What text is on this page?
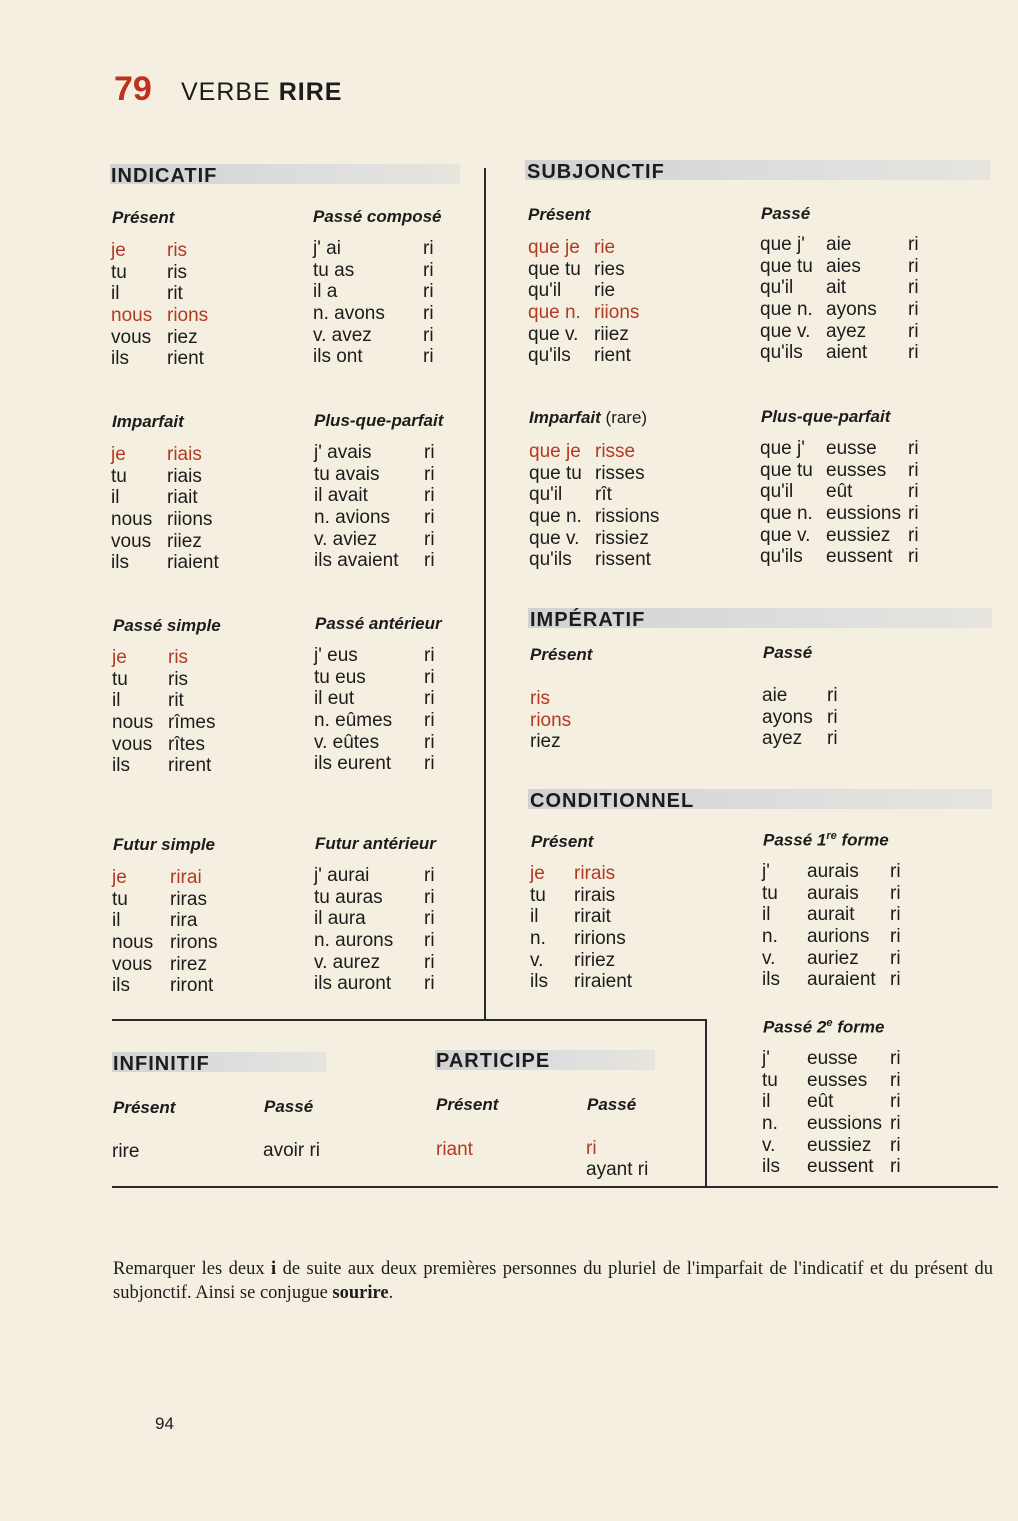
79 VERBE RIRE
INDICATIF	SUBJONCTIF
IMPÉRATIF
CONDITIONNEL
INFINITIF	PARTICIPE
Présent
je ris
tu ris
il	rit
nous rions
vous riez
ils rient
Passé composé
j' ai	ri
tu as	ri
il a	ri
n. avons ri
v. avez	ri
ils ont	ri
Imparfait
je riais
tu riais
il	riait
nous riions
vous riiez
ils riaient
Plus-que-parfait
j' avais	ri
tu avais ri
il avait	ri
n. avions ri
v. aviez ri
ils avaient ri
Passé simple
je ris
tu ris
il	rit
nous rîmes
vous rîtes
ils rirent
Passé antérieur
j' eus	ri
tu eus	ri
il eut	ri
n. eûmes ri
v. eûtes ri
ils eurent ri
Futur simple
je rirai
tu riras
il	rira
nous rirons
vous rirez
ils riront
Futur antérieur
j' aurai	ri
tu auras ri
il aura	ri
n. aurons ri
v. aurez ri
ils auront ri
Présent
que je rie
que tu ries
qu'il rie
que n. riions
que v. riiez
qu'ils rient
Passé
que j' aie	ri
que tu aies ri
qu'il ait	ri
que n. ayons ri
que v. ayez ri
qu'ils aient ri
Imparfait (rare)
que je risse
que tu risses
qu'il rît
que n. rissions
que v. rissiez
qu'ils rissent
Plus-que-parfait
que j' eusse ri
que tu eusses ri
qu'il eût	ri
que n. eussions ri
que v. eussiez ri
qu'ils eussent ri
Présent
ris
rions
riez
Passé
aie ri
ayons ri
ayez ri
Présent
je rirais
tu rirais
il rirait
n. ririons
v. ririez
ils riraient
Passé 1re forme
j' aurais ri
tu aurais ri
il aurait ri
n. aurions ri
v. auriez ri
ils auraient ri
Passé 2e forme
j' eusse ri
tu eusses ri
il eût	ri
n. eussions ri
v. eussiez ri
ils eussent ri
Présent
rire
Passé
avoir ri
Présent
riant
Passé
ri
ayant ri
Remarquer les deux i de suite aux deux premières personnes du pluriel de l'imparfait de l'indicatif et du présent du subjonctif. Ainsi se conjugue sourire.
94
